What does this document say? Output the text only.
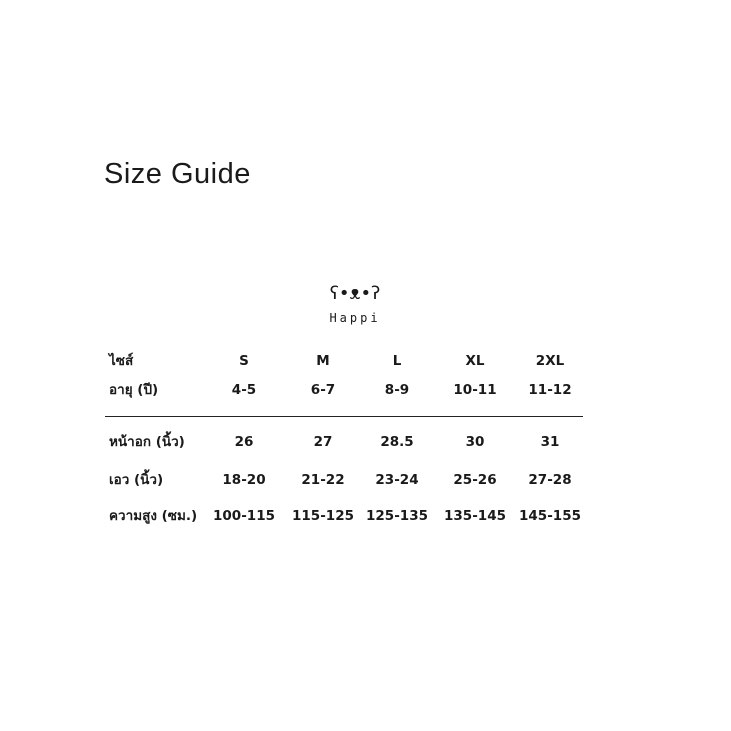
Size Guide
ʕ•ᴥ•ʔ
Happi
ไซส์	S	M	L	XL	2XL
อายุ (ปี)	4-5	6-7	8-9	10-11 11-12
หน้าอก (นิ้ว)	26	27	28.5	30	31
เอว (นิ้ว)	18-20	21-22 23-24	25-26 27-28
ความสูง (ซม.) 100-115 115-125 125-135 135-145 145-155
